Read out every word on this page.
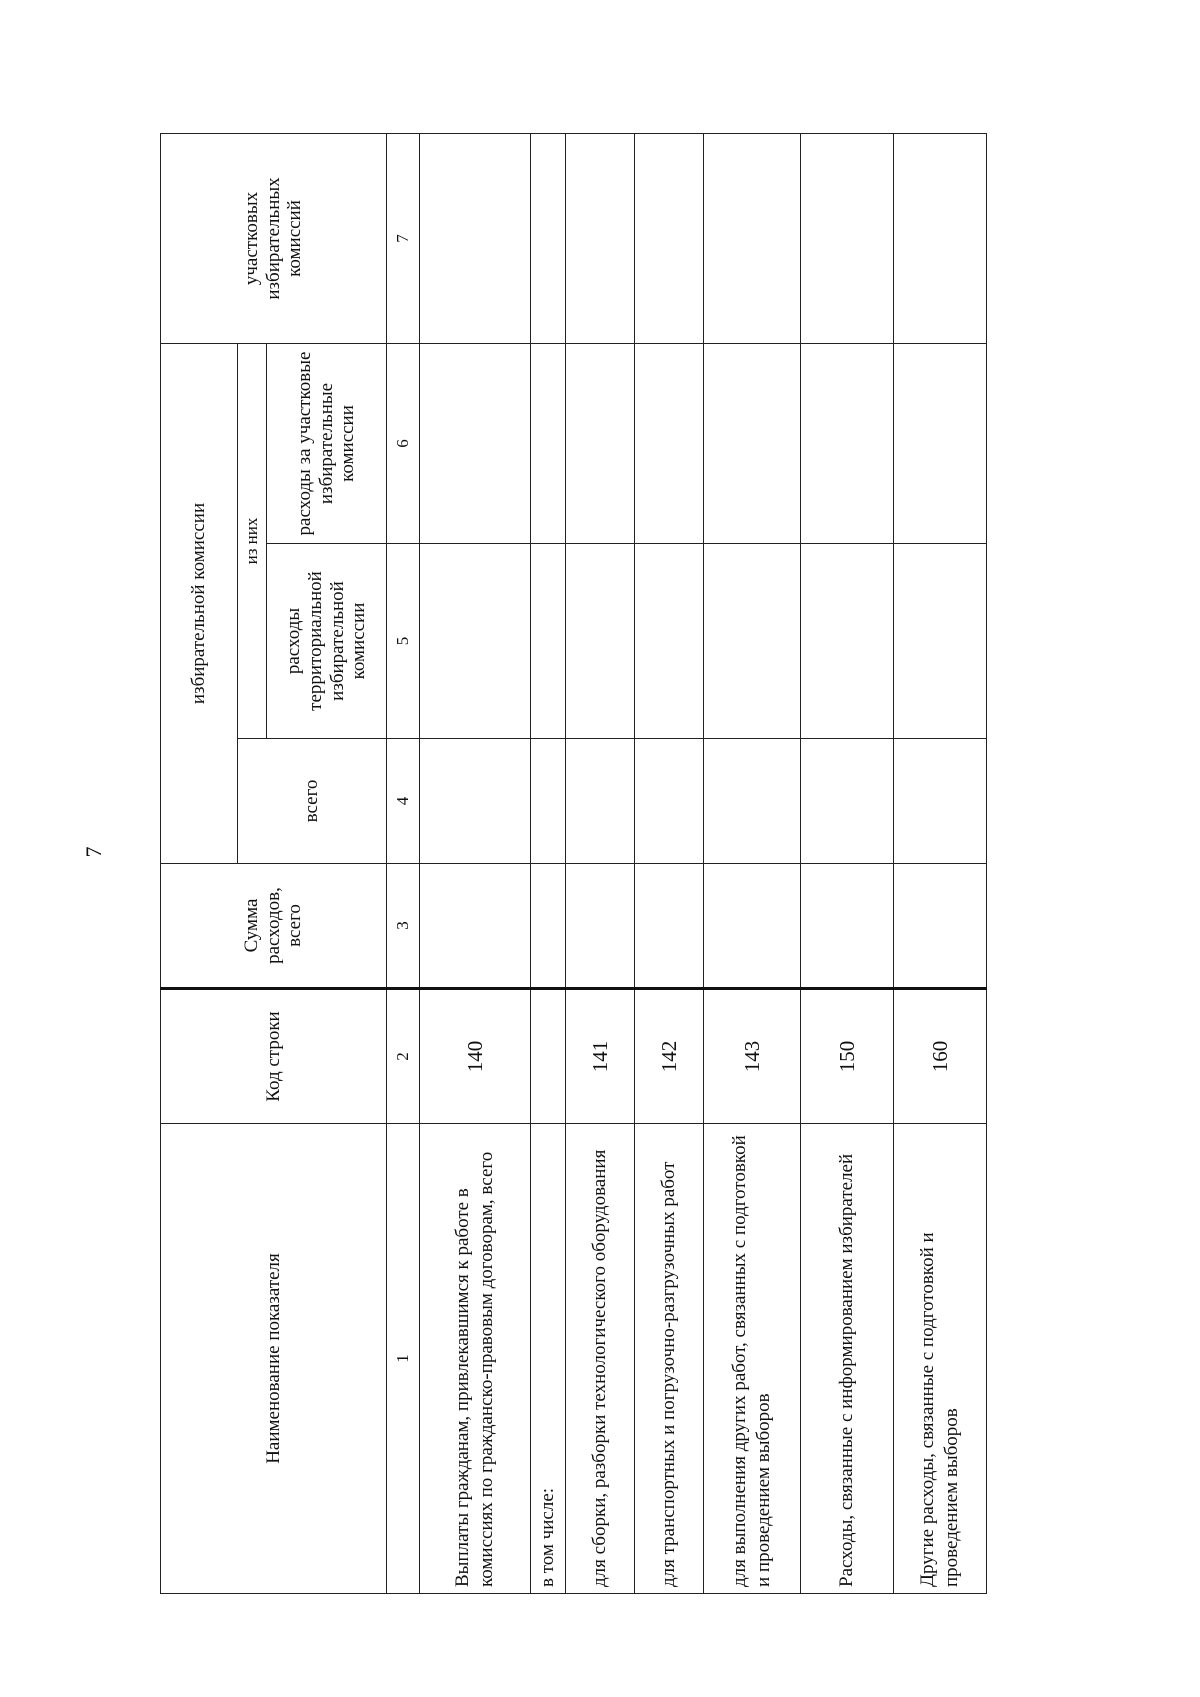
7
Наименование показателя	Код строки	Сумма расходов, всего	избирательной комиссии			участковых избирательных комиссий
			всего	из них		
				расходы территориальной избирательной комиссии	расходы за участковые избирательные комиссии	
1	2	3	4	5	6	7
Выплаты гражданам, привлекавшимся к работе в комиссиях по гражданско-правовым договорам, всего	140					
в том числе:						
для сборки, разборки технологического оборудования	141					
для транспортных и погрузочно-разгрузочных работ	142					
для выполнения других работ, связанных с подготовкой и проведением выборов	143					
Расходы, связанные с информированием избирателей	150					
Другие расходы, связанные с подготовкой и проведением выборов	160					
